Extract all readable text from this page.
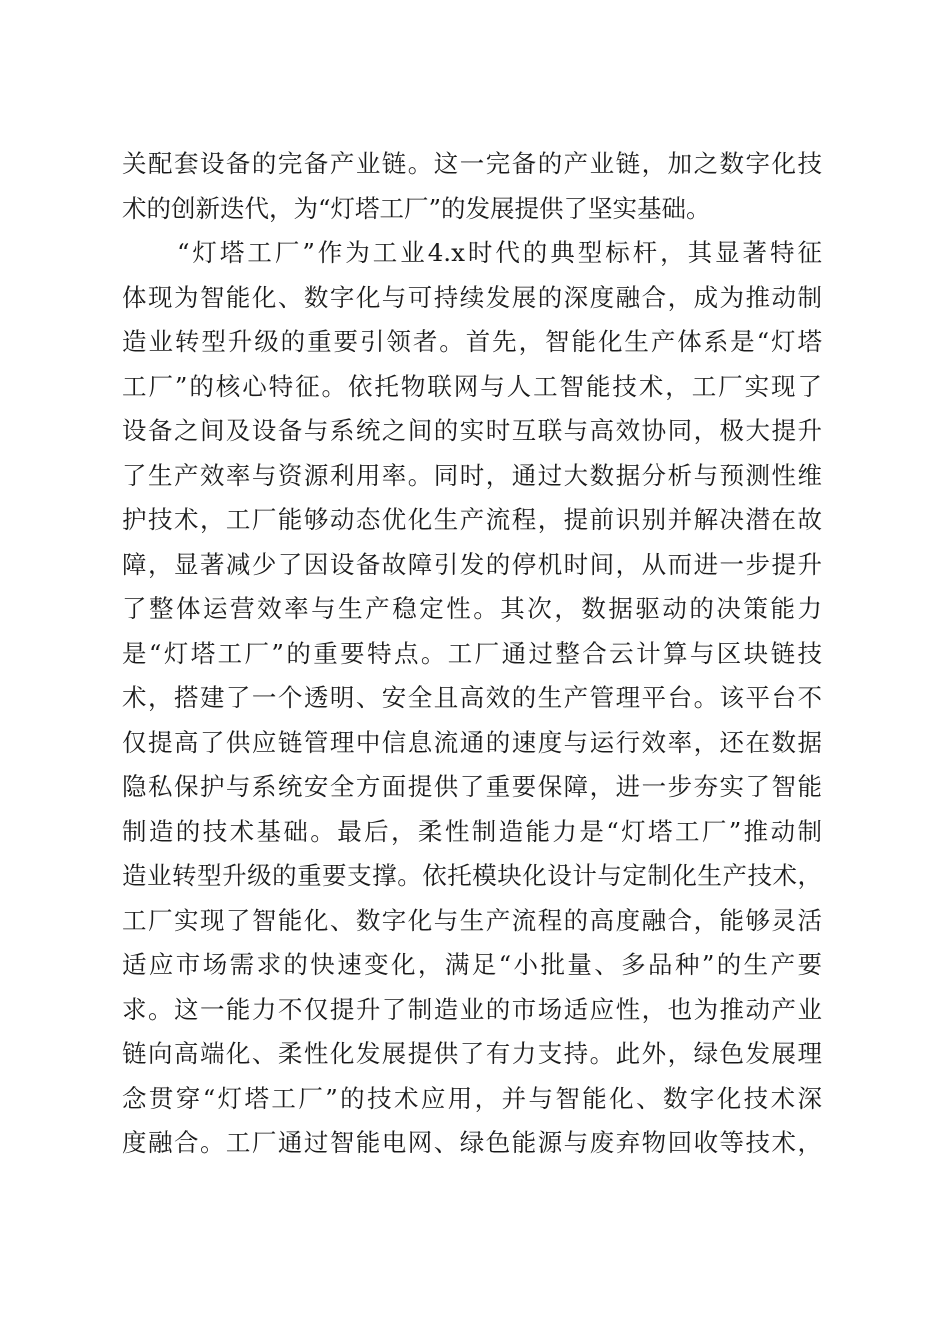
关配套设备的完备产业链。这一完备的产业链，加之数字化技
术的创新迭代，为“灯塔工厂”的发展提供了坚实基础。
　　“灯塔工厂”作为工业4.x时代的典型标杆，其显著特征
体现为智能化、数字化与可持续发展的深度融合，成为推动制
造业转型升级的重要引领者。首先，智能化生产体系是“灯塔
工厂”的核心特征。依托物联网与人工智能技术，工厂实现了
设备之间及设备与系统之间的实时互联与高效协同，极大提升
了生产效率与资源利用率。同时，通过大数据分析与预测性维
护技术，工厂能够动态优化生产流程，提前识别并解决潜在故
障，显著减少了因设备故障引发的停机时间，从而进一步提升
了整体运营效率与生产稳定性。其次，数据驱动的决策能力
是“灯塔工厂”的重要特点。工厂通过整合云计算与区块链技
术，搭建了一个透明、安全且高效的生产管理平台。该平台不
仅提高了供应链管理中信息流通的速度与运行效率，还在数据
隐私保护与系统安全方面提供了重要保障，进一步夯实了智能
制造的技术基础。最后，柔性制造能力是“灯塔工厂”推动制
造业转型升级的重要支撑。依托模块化设计与定制化生产技术，
工厂实现了智能化、数字化与生产流程的高度融合，能够灵活
适应市场需求的快速变化，满足“小批量、多品种”的生产要
求。这一能力不仅提升了制造业的市场适应性，也为推动产业
链向高端化、柔性化发展提供了有力支持。此外，绿色发展理
念贯穿“灯塔工厂”的技术应用，并与智能化、数字化技术深
度融合。工厂通过智能电网、绿色能源与废弃物回收等技术，
